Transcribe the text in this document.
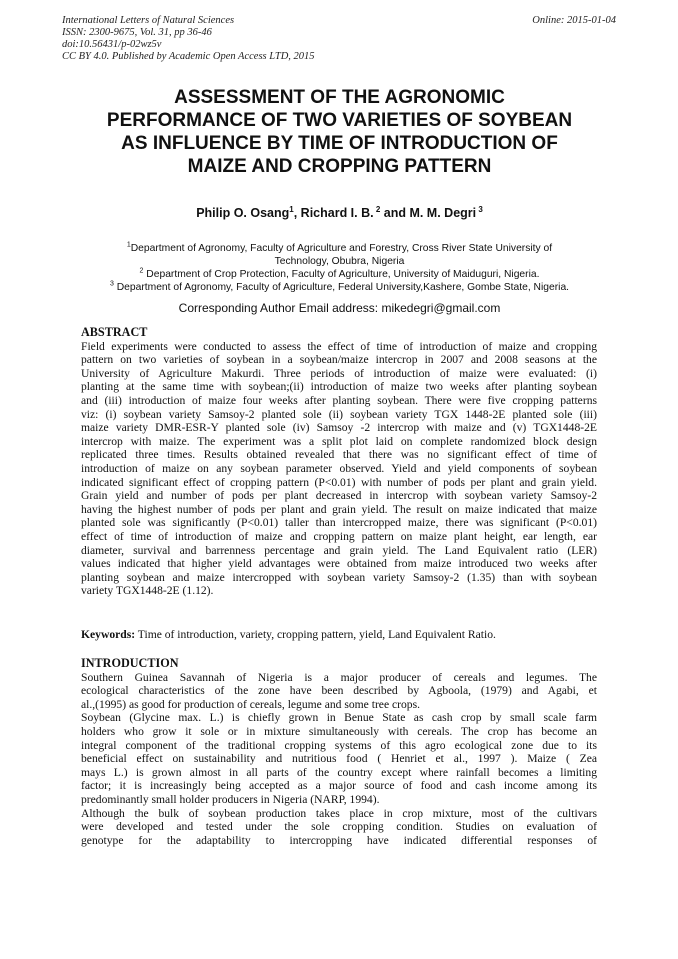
International Letters of Natural Sciences
ISSN: 2300-9675, Vol. 31, pp 36-46
doi:10.56431/p-02wz5v
CC BY 4.0. Published by Academic Open Access LTD, 2015
Online: 2015-01-04
ASSESSMENT OF THE AGRONOMIC
PERFORMANCE OF TWO VARIETIES OF SOYBEAN
AS INFLUENCE BY TIME OF INTRODUCTION OF
MAIZE AND CROPPING PATTERN
Philip O. Osang$^1$, Richard I. B. $^2$ and M. M. Degri $^3$
$^1$Department of Agronomy, Faculty of Agriculture and Forestry, Cross River State University of
Technology, Obubra, Nigeria
$^2$ Department of Crop Protection, Faculty of Agriculture, University of Maiduguri, Nigeria.
$^3$ Department of Agronomy, Faculty of Agriculture, Federal University,Kashere, Gombe State, Nigeria.
Corresponding Author Email address: mikedegri@gmail.com
ABSTRACT
Field experiments were conducted to assess the effect of time of introduction of maize and cropping
pattern on two varieties of soybean in a soybean/maize intercrop in 2007 and 2008 seasons at the
University of Agriculture Makurdi. Three periods of introduction of maize were evaluated: (i)
planting at the same time with soybean;(ii) introduction of maize two weeks after planting soybean
and (iii) introduction of maize four weeks after planting soybean. There were five cropping patterns
viz: (i) soybean variety Samsoy-2 planted sole (ii) soybean variety TGX 1448-2E planted sole (iii)
maize variety DMR-ESR-Y planted sole (iv) Samsoy -2 intercrop with maize and (v) TGX1448-2E
intercrop with maize. The experiment was a split plot laid on complete randomized block design
replicated three times. Results obtained revealed that there was no significant effect of time of
introduction of maize on any soybean parameter observed. Yield and yield components of soybean
indicated significant effect of cropping pattern (P<0.01) with number of pods per plant and grain yield.
Grain yield and number of pods per plant decreased in intercrop with soybean variety Samsoy-2
having the highest number of pods per plant and grain yield. The result on maize indicated that maize
planted sole was significantly (P<0.01) taller than intercropped maize, there was significant (P<0.01)
effect of time of introduction of maize and cropping pattern on maize plant height, ear length, ear
diameter, survival and barrenness percentage and grain yield. The Land Equivalent ratio (LER)
values indicated that higher yield advantages were obtained from maize introduced two weeks after
planting soybean and maize intercropped with soybean variety Samsoy-2 (1.35) than with soybean
variety TGX1448-2E (1.12).
Keywords: Time of introduction, variety, cropping pattern, yield, Land Equivalent Ratio.
INTRODUCTION
Southern Guinea Savannah of Nigeria is a major producer of cereals and legumes. The
ecological characteristics of the zone have been described by Agboola, (1979) and Agabi, et
al.,(1995) as good for production of cereals, legume and some tree crops.
Soybean (Glycine max. L.) is chiefly grown in Benue State as cash crop by small scale farm
holders who grow it sole or in mixture simultaneously with cereals. The crop has become an
integral component of the traditional cropping systems of this agro ecological zone due to its
beneficial effect on sustainability and nutritious food ( Henriet et al., 1997 ). Maize ( Zea
mays L.) is grown almost in all parts of the country except where rainfall becomes a limiting
factor; it is increasingly being accepted as a major source of food and cash income among its
predominantly small holder producers in Nigeria (NARP, 1994).
Although the bulk of soybean production takes place in crop mixture, most of the cultivars
were developed and tested under the sole cropping condition. Studies on evaluation of
genotype for the adaptability to intercropping have indicated differential responses of
